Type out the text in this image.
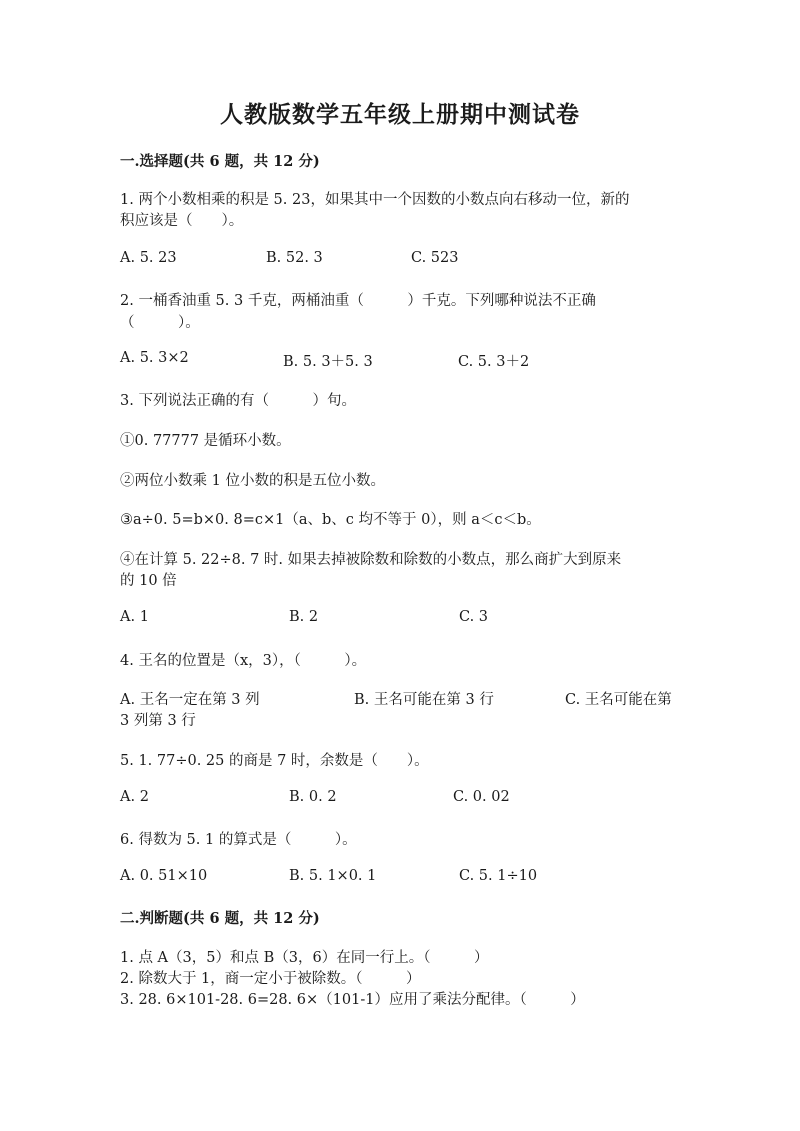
人教版数学五年级上册期中测试卷
一.选择题(共 6 题，共 12 分)
1. 两个小数相乘的积是 5. 23，如果其中一个因数的小数点向右移动一位，新的
积应该是（　　）。
A. 5. 23	B. 52. 3	C. 523
2. 一桶香油重 5. 3 千克，两桶油重（　　　）千克。下列哪种说法不正确
（　　　）。
A. 5. 3×2	B. 5. 3＋5. 3	C. 5. 3＋2
3. 下列说法正确的有（　　　）句。
①0. 77777 是循环小数。
②两位小数乘 1 位小数的积是五位小数。
③a÷0. 5=b×0. 8=c×1（a、b、c 均不等于 0），则 a＜c＜b。
④在计算 5. 22÷8. 7 时. 如果去掉被除数和除数的小数点，那么商扩大到原来
的 10 倍
A. 1	B. 2	C. 3
4. 王名的位置是（x，3），（　　　）。
A. 王名一定在第 3 列	B. 王名可能在第 3 行	C. 王名可能在第
3 列第 3 行
5. 1. 77÷0. 25 的商是 7 时，余数是（　　）。
A. 2	B. 0. 2	C. 0. 02
6. 得数为 5. 1 的算式是（　　　）。
A. 0. 51×10	B. 5. 1×0. 1	C. 5. 1÷10
二.判断题(共 6 题，共 12 分)
1. 点 A（3，5）和点 B（3，6）在同一行上。（　　　）
2. 除数大于 1，商一定小于被除数。（　　　）
3. 28. 6×101-28. 6=28. 6×（101-1）应用了乘法分配律。（　　　）
